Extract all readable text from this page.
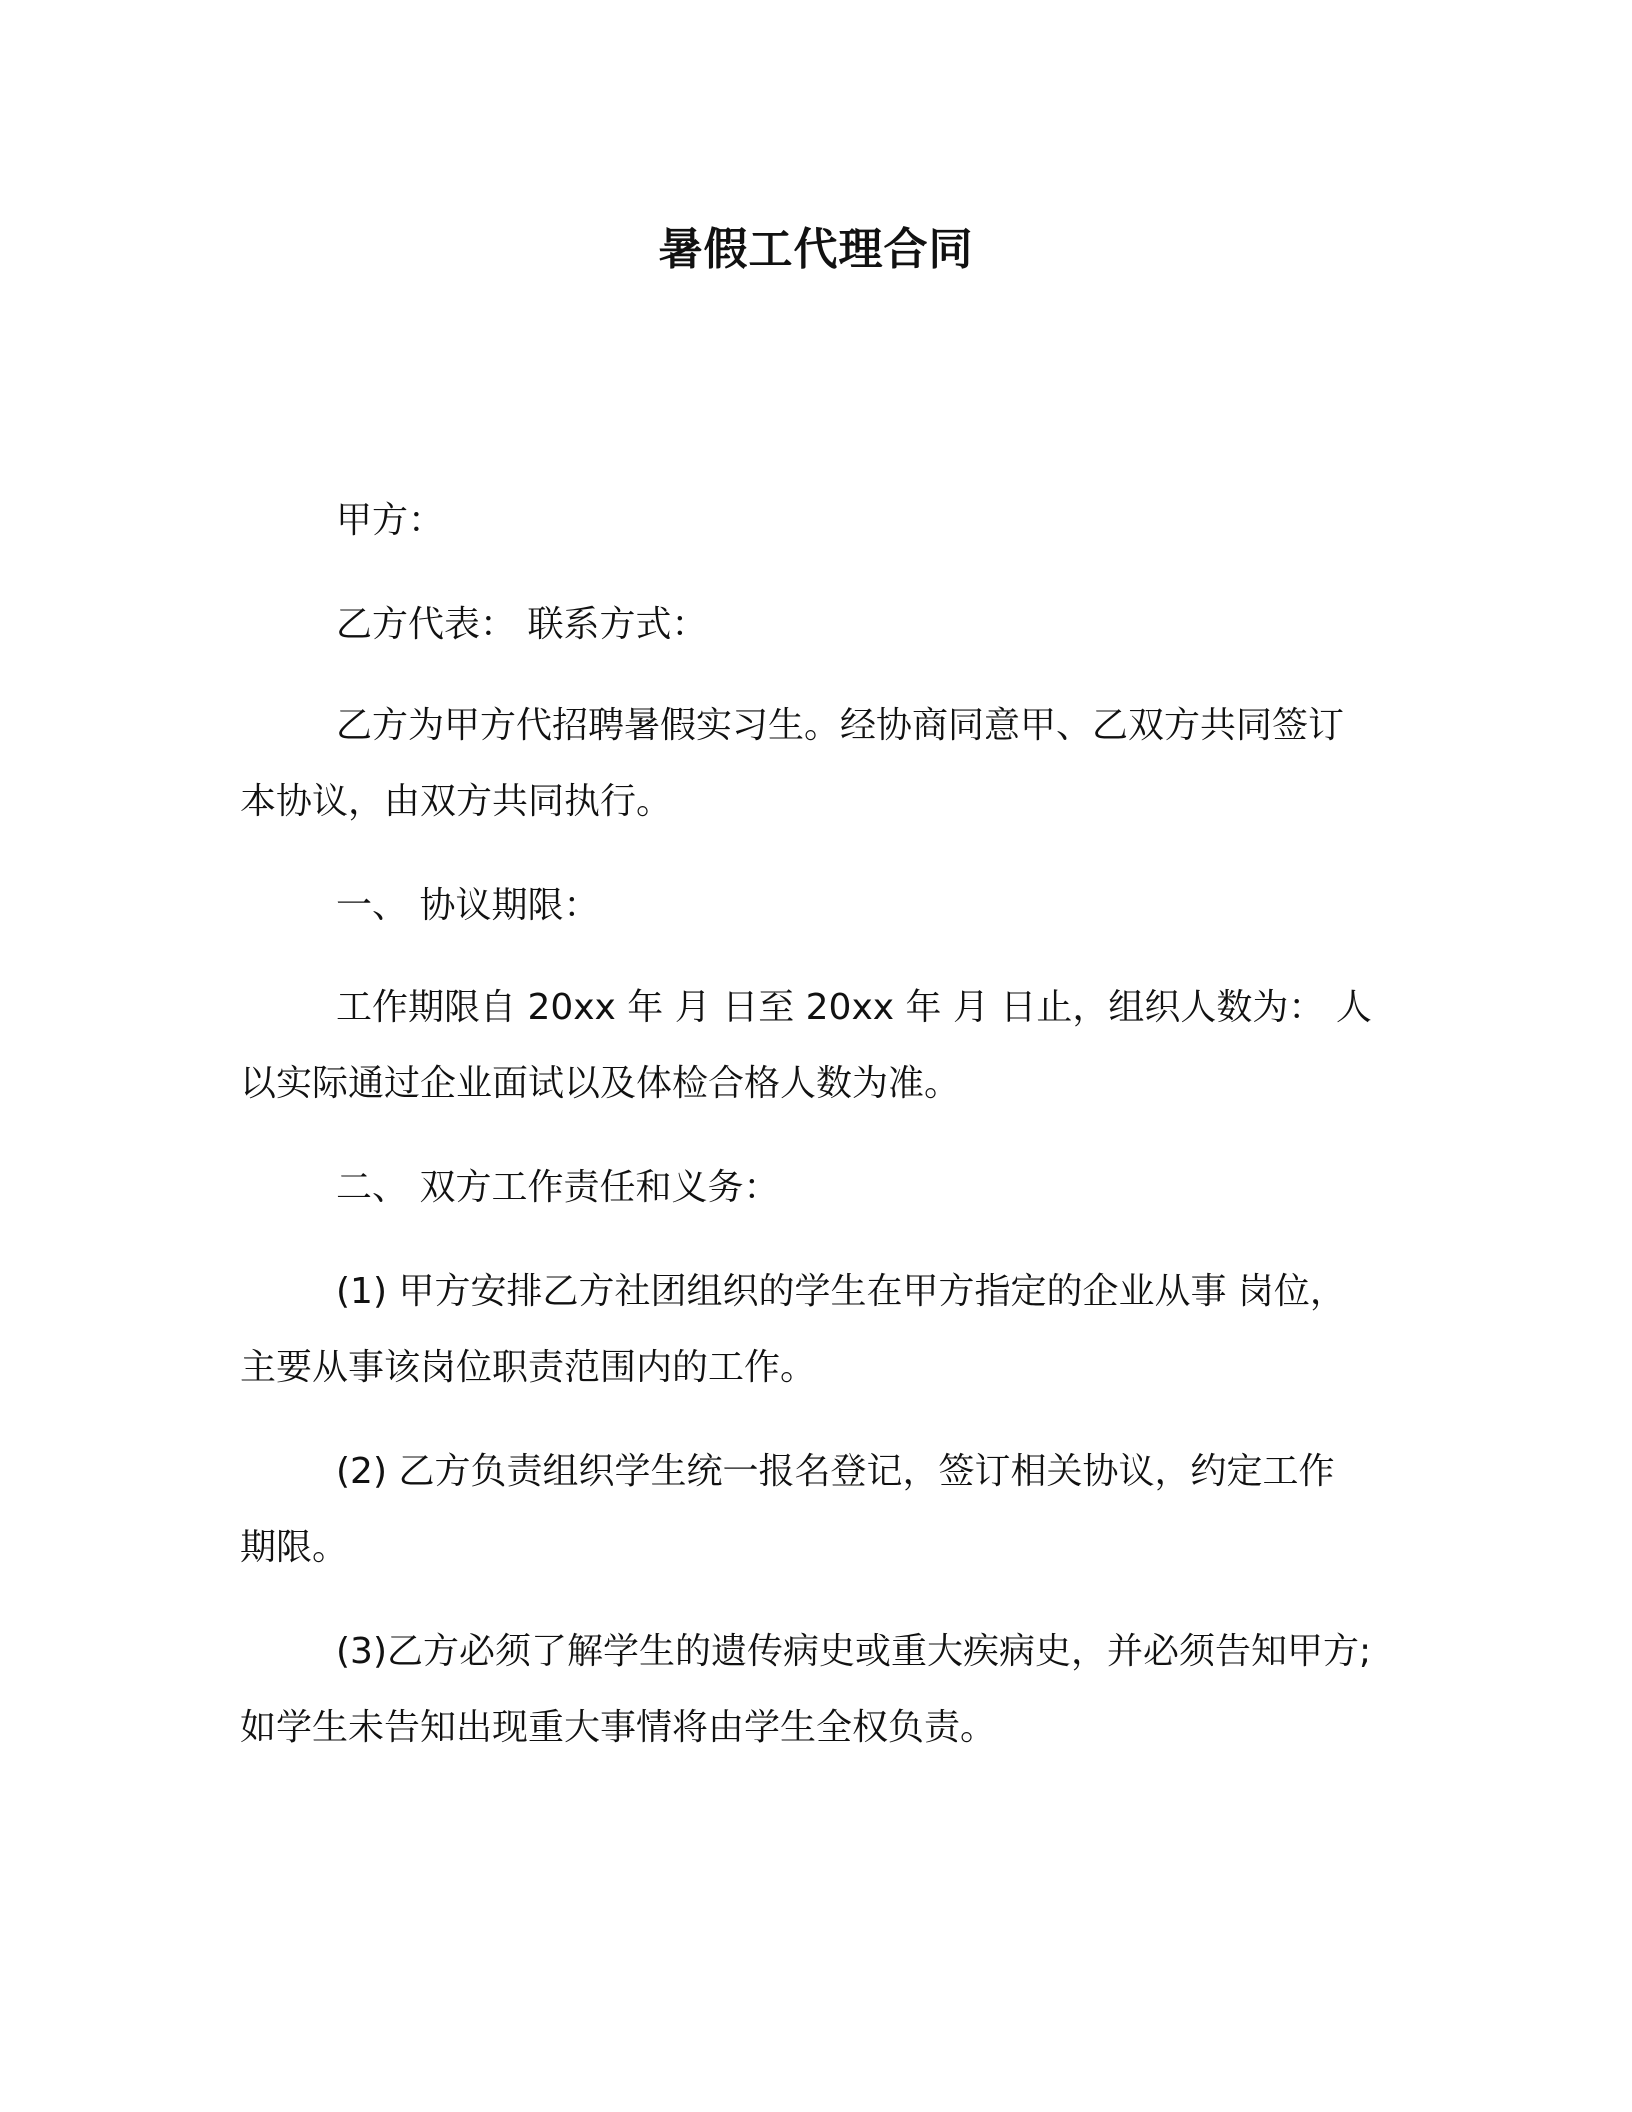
暑假工代理合同
甲方：
乙方代表： 联系方式：
乙方为甲方代招聘暑假实习生。经协商同意甲、乙双方共同签订
本协议，由双方共同执行。
一、 协议期限：
工作期限自 20xx 年 月 日至 20xx 年 月 日止，组织人数为： 人
以实际通过企业面试以及体检合格人数为准。
二、 双方工作责任和义务：
(1) 甲方安排乙方社团组织的学生在甲方指定的企业从事 岗位，
主要从事该岗位职责范围内的工作。
(2) 乙方负责组织学生统一报名登记，签订相关协议，约定工作
期限。
(3)乙方必须了解学生的遗传病史或重大疾病史，并必须告知甲方;
如学生未告知出现重大事情将由学生全权负责。
